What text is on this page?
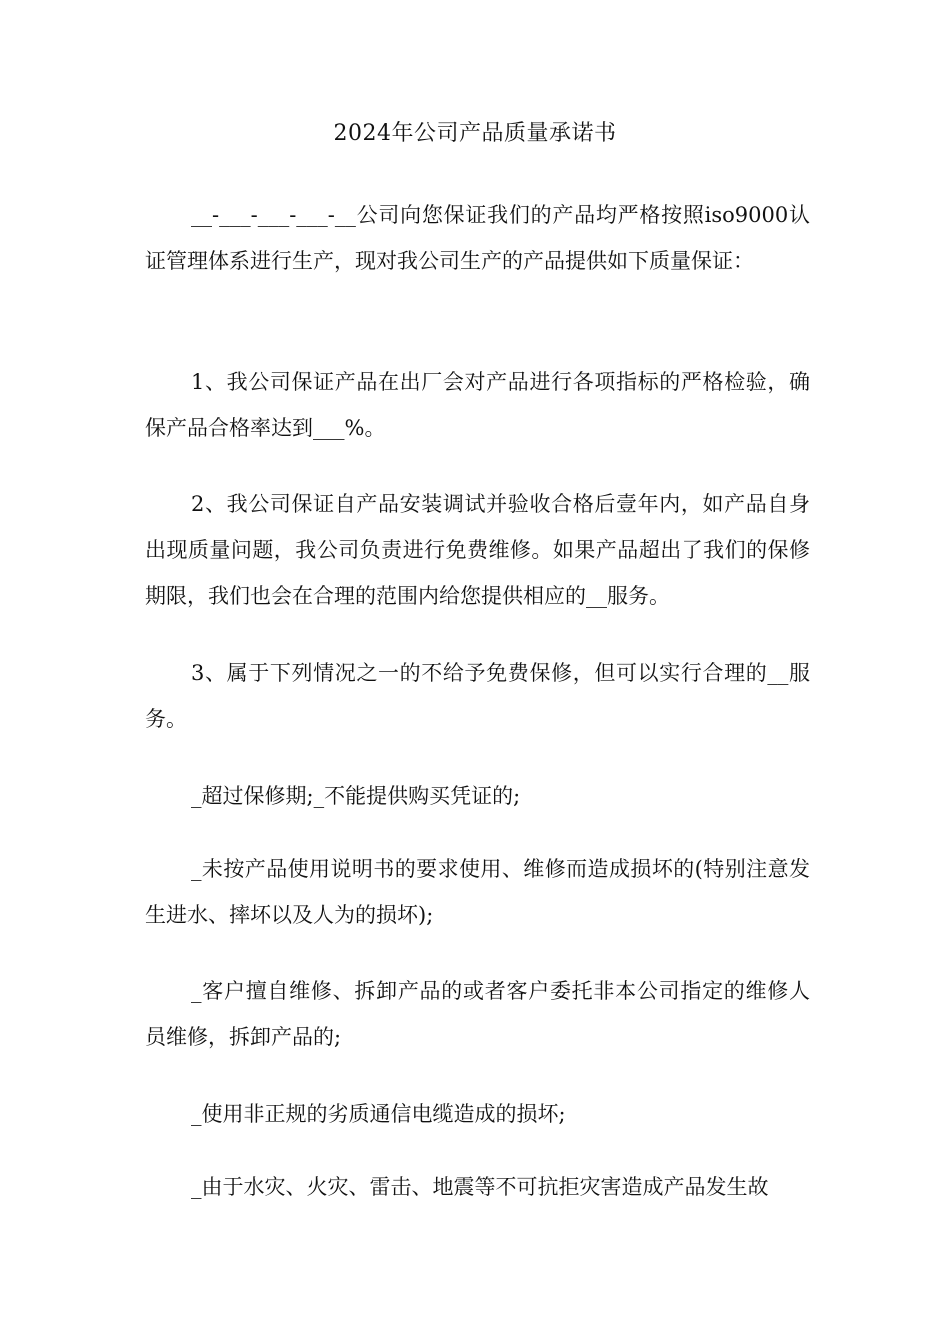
2024年公司产品质量承诺书
__-___-___-___-__公司向您保证我们的产品均严格按照iso9000认证管理体系进行生产，现对我公司生产的产品提供如下质量保证：
1、我公司保证产品在出厂会对产品进行各项指标的严格检验，确保产品合格率达到___%。
2、我公司保证自产品安装调试并验收合格后壹年内，如产品自身出现质量问题，我公司负责进行免费维修。如果产品超出了我们的保修期限，我们也会在合理的范围内给您提供相应的__服务。
3、属于下列情况之一的不给予免费保修，但可以实行合理的__服务。
_超过保修期;_不能提供购买凭证的;
_未按产品使用说明书的要求使用、维修而造成损坏的(特别注意发生进水、摔坏以及人为的损坏);
_客户擅自维修、拆卸产品的或者客户委托非本公司指定的维修人员维修，拆卸产品的;
_使用非正规的劣质通信电缆造成的损坏;
_由于水灾、火灾、雷击、地震等不可抗拒灾害造成产品发生故
